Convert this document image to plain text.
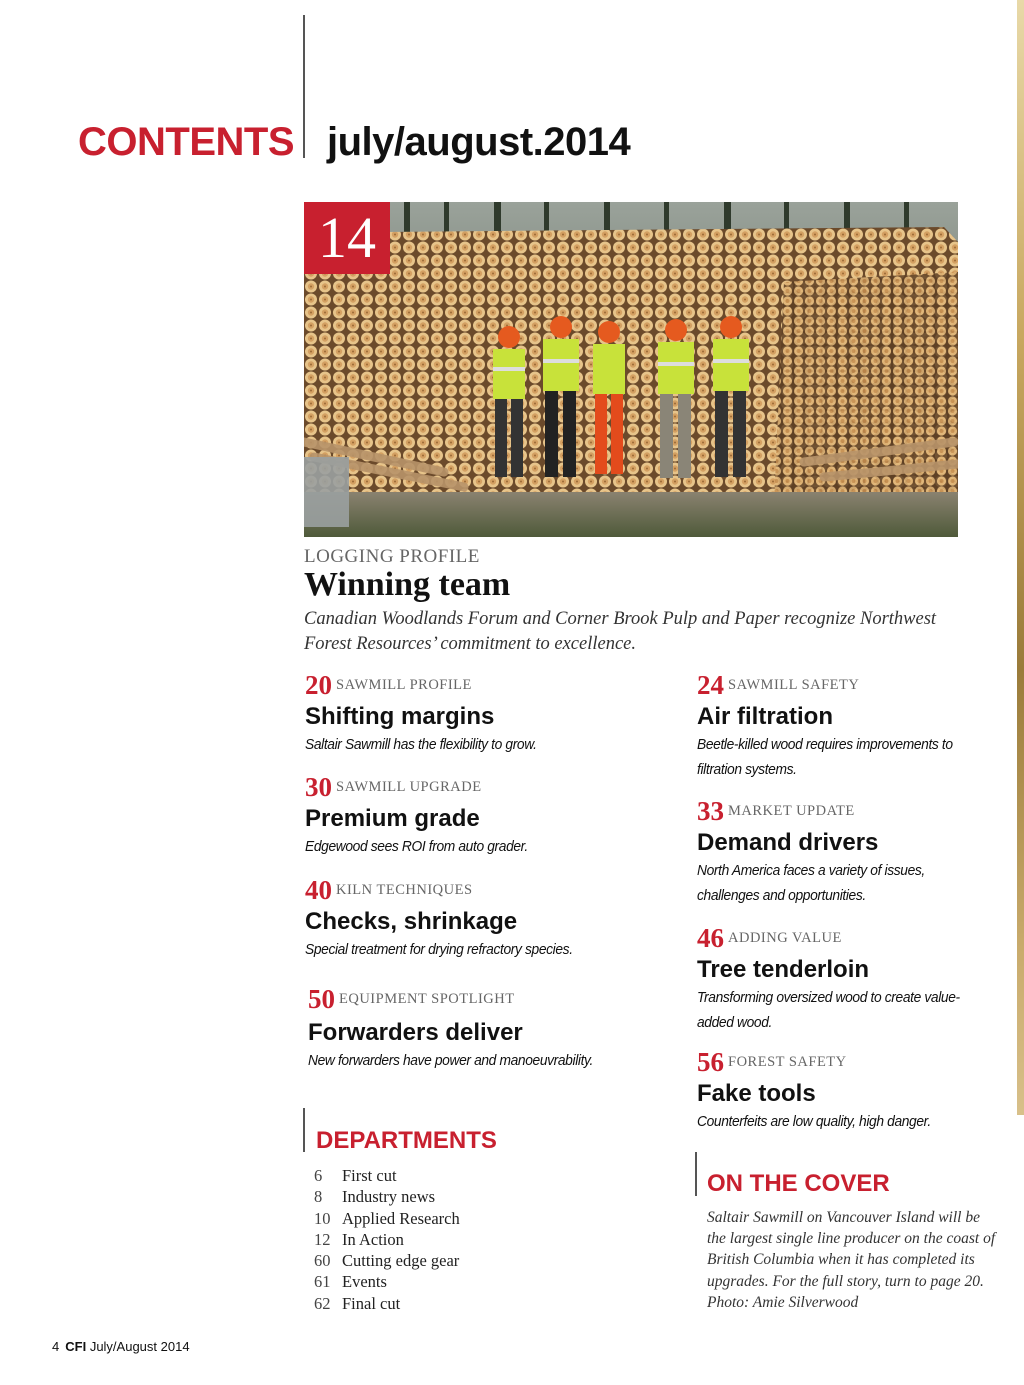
CONTENTS july/august.2014
14
LOGGING PROFILE
Winning team
Canadian Woodlands Forum and Corner Brook Pulp and Paper recognize Northwest Forest Resources’ commitment to excellence.
20 SAWMILL PROFILE
Shifting margins
Saltair Sawmill has the flexibility to grow.
30 SAWMILL UPGRADE
Premium grade
Edgewood sees ROI from auto grader.
40 KILN TECHNIQUES
Checks, shrinkage
Special treatment for drying refractory species.
50 EQUIPMENT SPOTLIGHT
Forwarders deliver
New forwarders have power and manoeuvrability.
24 SAWMILL SAFETY
Air filtration
Beetle-killed wood requires improvements to filtration systems.
33 MARKET UPDATE
Demand drivers
North America faces a variety of issues, challenges and opportunities.
46 ADDING VALUE
Tree tenderloin
Transforming oversized wood to create value-added wood.
56 FOREST SAFETY
Fake tools
Counterfeits are low quality, high danger.
DEPARTMENTS
6 First cut
8 Industry news
10 Applied Research
12 In Action
60 Cutting edge gear
61 Events
62 Final cut
ON THE COVER
Saltair Sawmill on Vancouver Island will be the largest single line producer on the coast of British Columbia when it has completed its upgrades. For the full story, turn to page 20. Photo: Amie Silverwood
4 CFI July/August 2014
